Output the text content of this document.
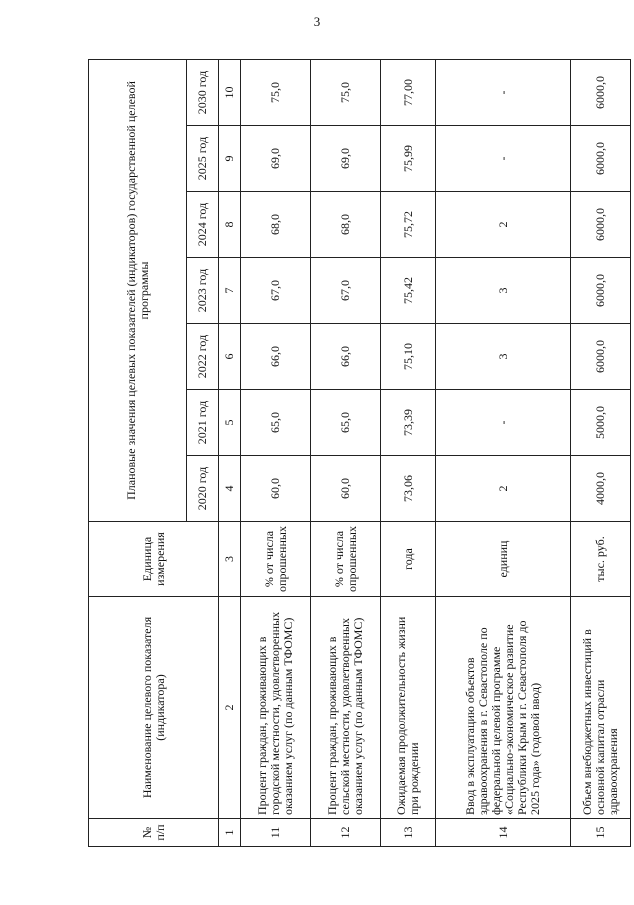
3
№ п/п	Наименование целевого показателя (индикатора)	Единица измерения	Плановые значения целевых показателей (индикаторов) государственной целевой программы						
			2020 год	2021 год	2022 год	2023 год	2024 год	2025 год	2030 год
1	2	3	4	5	6	7	8	9	10
11	Процент граждан, проживающих в городской местности, удовлетворенных оказанием услуг (по данным ТФОМС)	% от числа опрошенных	60,0	65,0	66,0	67,0	68,0	69,0	75,0
12	Процент граждан, проживающих в сельской местности, удовлетворенных оказанием услуг (по данным ТФОМС)	% от числа опрошенных	60,0	65,0	66,0	67,0	68,0	69,0	75,0
13	Ожидаемая продолжительность жизни при рождении	года	73,06	73,39	75,10	75,42	75,72	75,99	77,00
14	Ввод в эксплуатацию объектов здравоохранения в г. Севастополе по федеральной целевой программе «Социально-экономическое развитие Республики Крым и г. Севастополя до 2025 года» (годовой ввод)	единиц	2	-	3	3	2	-	-
15	Объем внебюджетных инвестиций в основной капитал отрасли здравоохранения	тыс. руб.	4000,0	5000,0	6000,0	6000,0	6000,0	6000,0	6000,0
